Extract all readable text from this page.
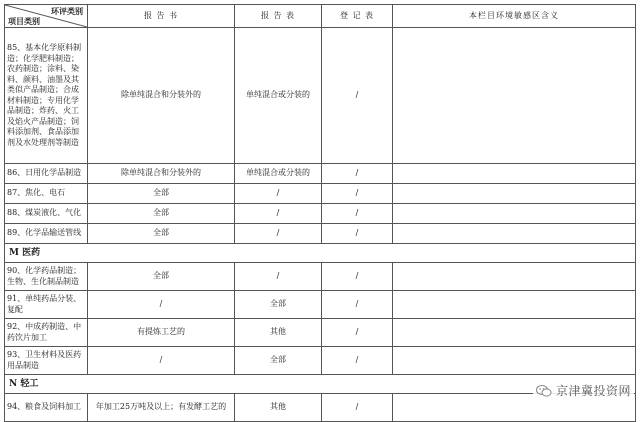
环评类别
项目类别	报 告 书	报 告 表	登 记 表	本栏目环境敏感区含义
85、基本化学原料制造；化学肥料制造；农药制造；涂料、染料、颜料、油墨及其类似产品制造；合成材料制造；专用化学品制造；炸药、火工及焰火产品制造；饲料添加剂、食品添加剂及水处理剂等制造	除单纯混合和分装外的	单纯混合或分装的	/	
86、日用化学品制造	除单纯混合和分装外的	单纯混合或分装的	/	
87、焦化、电石	全部	/	/	
88、煤炭液化、气化	全部	/	/	
89、化学品输送管线	全部	/	/	
M 医药				
90、化学药品制造；生物、生化制品制造	全部	/	/	
91、单纯药品分装、复配	/	全部	/	
92、中成药制造、中药饮片加工	有提炼工艺的	其他	/	
93、卫生材料及医药用品制造	/	全部	/	
N 轻工				
94、粮食及饲料加工	年加工25万吨及以上；有发酵工艺的	其他	/	
京津冀投资网
